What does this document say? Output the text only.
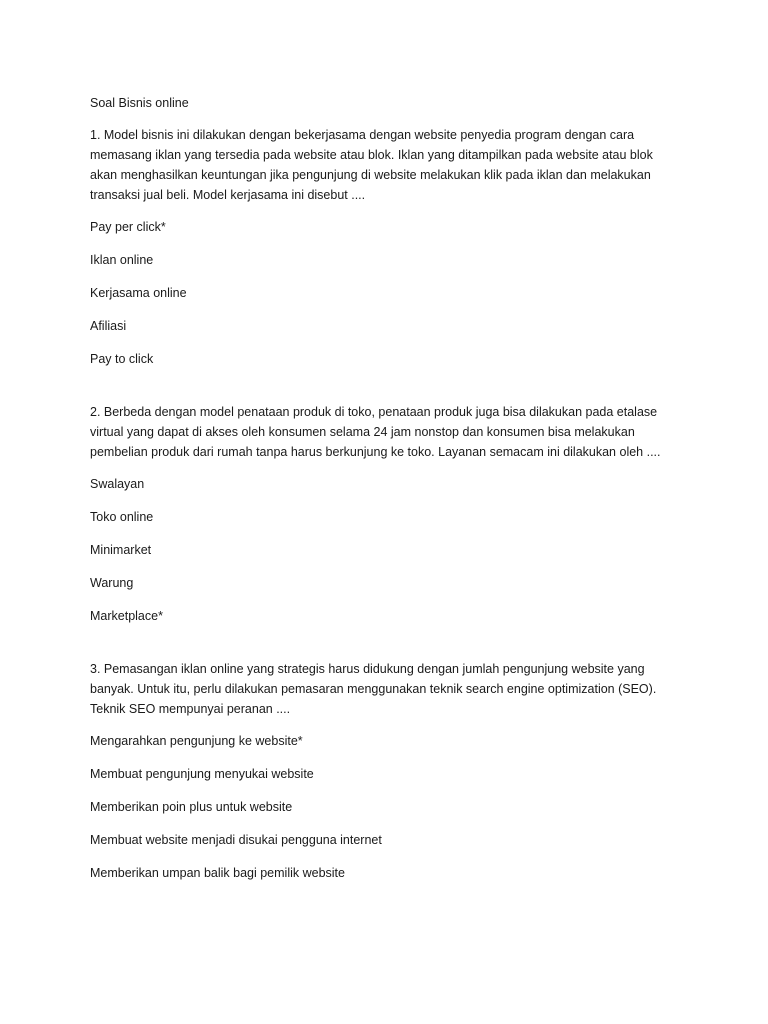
Soal Bisnis online
1. Model bisnis ini dilakukan dengan bekerjasama dengan website penyedia program dengan cara memasang iklan yang tersedia pada website atau blok. Iklan yang ditampilkan pada website atau blok akan menghasilkan keuntungan jika pengunjung di website melakukan klik pada iklan dan melakukan transaksi jual beli. Model kerjasama ini disebut ....
Pay per click*
Iklan online
Kerjasama online
Afiliasi
Pay to click
2. Berbeda dengan model penataan produk di toko, penataan produk juga bisa dilakukan pada etalase virtual yang dapat di akses oleh konsumen selama 24 jam nonstop dan konsumen bisa melakukan pembelian produk dari rumah tanpa harus berkunjung ke toko. Layanan semacam ini dilakukan oleh ....
Swalayan
Toko online
Minimarket
Warung
Marketplace*
3. Pemasangan iklan online yang strategis harus didukung dengan jumlah pengunjung website yang banyak. Untuk itu, perlu dilakukan pemasaran menggunakan teknik search engine optimization (SEO). Teknik SEO mempunyai peranan ....
Mengarahkan pengunjung ke website*
Membuat pengunjung menyukai website
Memberikan poin plus untuk website
Membuat website menjadi disukai pengguna internet
Memberikan umpan balik bagi pemilik website
